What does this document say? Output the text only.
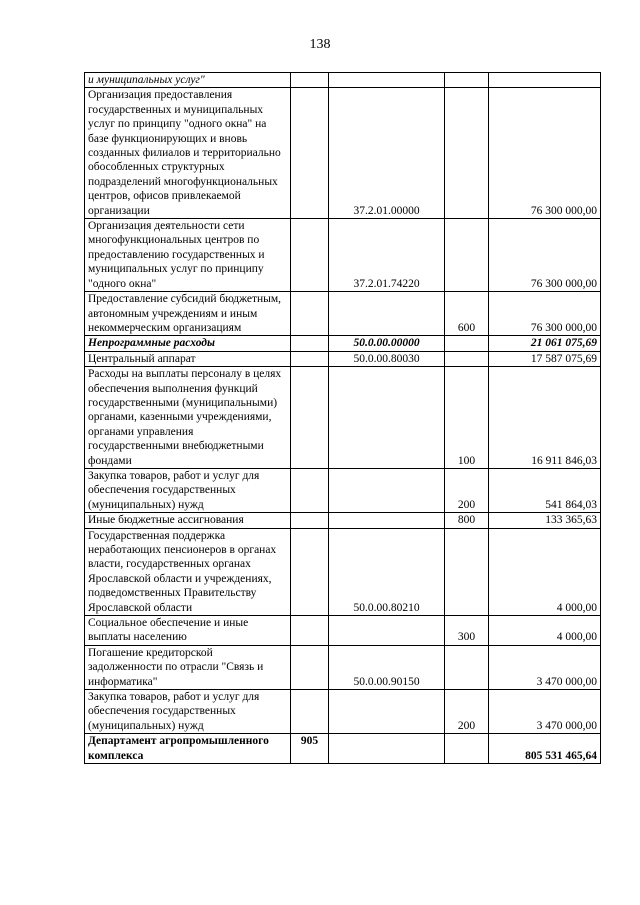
138
и муниципальных услуг"				
Организация предоставления государственных и муниципальных услуг по принципу "одного окна" на базе функционирующих и вновь созданных филиалов и территориально обособленных структурных подразделений многофункциональных центров, офисов привлекаемой организации		37.2.01.00000		76 300 000,00
Организация деятельности сети многофункциональных центров по предоставлению государственных и муниципальных услуг по принципу "одного окна"		37.2.01.74220		76 300 000,00
Предоставление субсидий бюджетным, автономным учреждениям и иным некоммерческим организациям			600	76 300 000,00
Непрограммные расходы		50.0.00.00000		21 061 075,69
Центральный аппарат		50.0.00.80030		17 587 075,69
Расходы на выплаты персоналу в целях обеспечения выполнения функций государственными (муниципальными) органами, казенными учреждениями, органами управления государственными внебюджетными фондами			100	16 911 846,03
Закупка товаров, работ и услуг для обеспечения государственных (муниципальных) нужд			200	541 864,03
Иные бюджетные ассигнования			800	133 365,63
Государственная поддержка неработающих пенсионеров в органах власти, государственных органах Ярославской области и учреждениях, подведомственных Правительству Ярославской области		50.0.00.80210		4 000,00
Социальное обеспечение и иные выплаты населению			300	4 000,00
Погашение кредиторской задолженности по отрасли "Связь и информатика"		50.0.00.90150		3 470 000,00
Закупка товаров, работ и услуг для обеспечения государственных (муниципальных) нужд			200	3 470 000,00
Департамент агропромышленного комплекса	905			805 531 465,64
